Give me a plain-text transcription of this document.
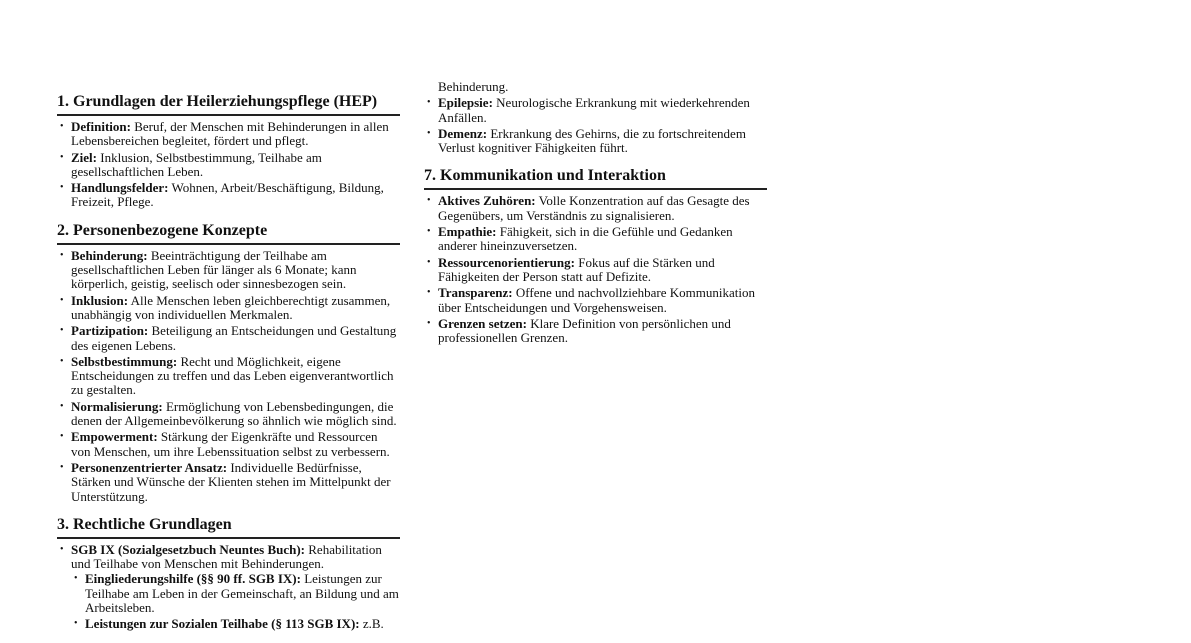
1. Grundlagen der Heilerziehungspflege (HEP)
• Definition: Beruf, der Menschen mit Behinderungen in allen Lebensbereichen begleitet, fördert und pflegt.
• Ziel: Inklusion, Selbstbestimmung, Teilhabe am gesellschaftlichen Leben.
• Handlungsfelder: Wohnen, Arbeit/Beschäftigung, Bildung, Freizeit, Pflege.
2. Personenbezogene Konzepte
• Behinderung: Beeinträchtigung der Teilhabe am gesellschaftlichen Leben für länger als 6 Monate; kann körperlich, geistig, seelisch oder sinnesbezogen sein.
• Inklusion: Alle Menschen leben gleichberechtigt zusammen, unabhängig von individuellen Merkmalen.
• Partizipation: Beteiligung an Entscheidungen und Gestaltung des eigenen Lebens.
• Selbstbestimmung: Recht und Möglichkeit, eigene Entscheidungen zu treffen und das Leben eigenverantwortlich zu gestalten.
• Normalisierung: Ermöglichung von Lebensbedingungen, die denen der Allgemeinbevölkerung so ähnlich wie möglich sind.
• Empowerment: Stärkung der Eigenkräfte und Ressourcen von Menschen, um ihre Lebenssituation selbst zu verbessern.
• Personenzentrierter Ansatz: Individuelle Bedürfnisse, Stärken und Wünsche der Klienten stehen im Mittelpunkt der Unterstützung.
3. Rechtliche Grundlagen
• SGB IX (Sozialgesetzbuch Neuntes Buch): Rehabilitation und Teilhabe von Menschen mit Behinderungen.
• Eingliederungshilfe (§§ 90 ff. SGB IX): Leistungen zur Teilhabe am Leben in der Gemeinschaft, an Bildung und am Arbeitsleben.
• Leistungen zur Sozialen Teilhabe (§ 113 SGB IX): z.B.
Behinderung.
• Epilepsie: Neurologische Erkrankung mit wiederkehrenden Anfällen.
• Demenz: Erkrankung des Gehirns, die zu fortschreitendem Verlust kognitiver Fähigkeiten führt.
7. Kommunikation und Interaktion
• Aktives Zuhören: Volle Konzentration auf das Gesagte des Gegenübers, um Verständnis zu signalisieren.
• Empathie: Fähigkeit, sich in die Gefühle und Gedanken anderer hineinzuversetzen.
• Ressourcenorientierung: Fokus auf die Stärken und Fähigkeiten der Person statt auf Defizite.
• Transparenz: Offene und nachvollziehbare Kommunikation über Entscheidungen und Vorgehensweisen.
• Grenzen setzen: Klare Definition von persönlichen und professionellen Grenzen.
